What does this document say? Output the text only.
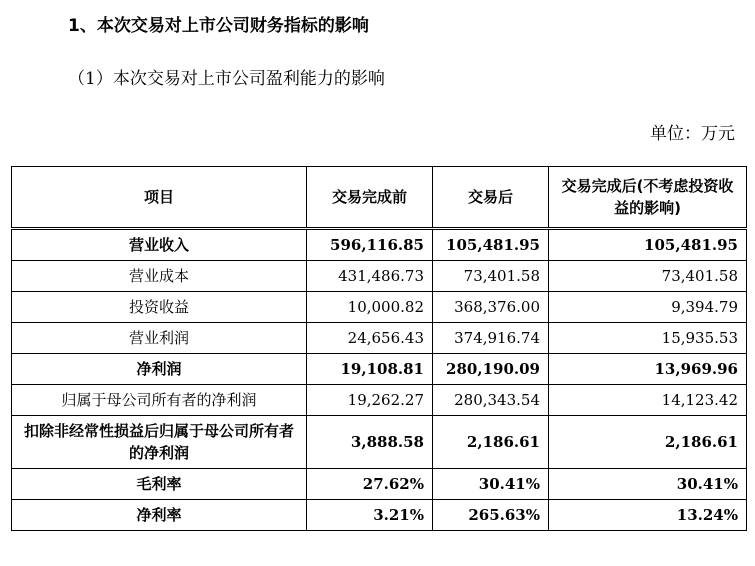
1、本次交易对上市公司财务指标的影响
（1）本次交易对上市公司盈利能力的影响
单位：万元
项目	交易完成前	交易后	交易完成后(不考虑投资收益的影响)
营业收入	596,116.85	105,481.95	105,481.95
营业成本	431,486.73	73,401.58	73,401.58
投资收益	10,000.82	368,376.00	9,394.79
营业利润	24,656.43	374,916.74	15,935.53
净利润	19,108.81	280,190.09	13,969.96
归属于母公司所有者的净利润	19,262.27	280,343.54	14,123.42
扣除非经常性损益后归属于母公司所有者的净利润	3,888.58	2,186.61	2,186.61
毛利率	27.62%	30.41%	30.41%
净利率	3.21%	265.63%	13.24%
